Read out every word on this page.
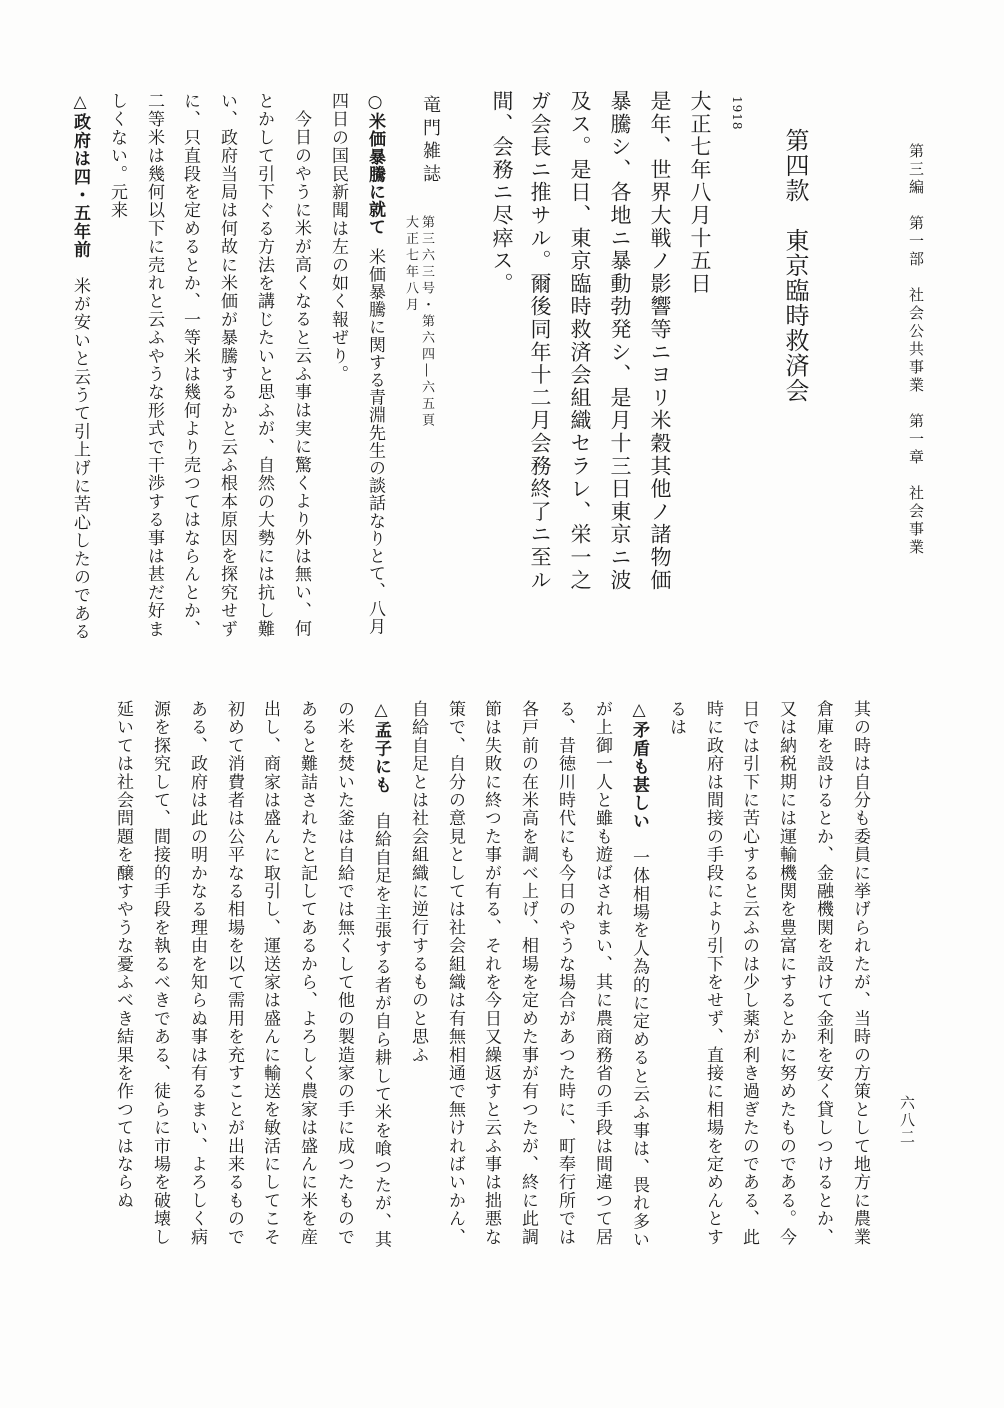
第三編　第一部　社会公共事業　第一章　社会事業
六八二
第四款　東京臨時救済会
1918
大正七年八月十五日

是年、世界大戦ノ影響等ニヨリ米穀其他ノ諸物価

暴騰シ、各地ニ暴動勃発シ、是月十三日東京ニ波

及ス。是日、東京臨時救済会組織セラレ、栄一之

ガ会長ニ推サル。爾後同年十二月会務終了ニ至ル

間、会務ニ尽瘁ス。

竜門雑誌
第三六三号・第六四―六五頁
大正七年八月

○米価暴騰に就て米価暴騰に関する青淵先生の談話なりとて、八月

四日の国民新聞は左の如く報ぜり。

今日のやうに米が高くなると云ふ事は実に驚くより外は無い、何

とかして引下ぐる方法を講じたいと思ふが、自然の大勢には抗し難

い、政府当局は何故に米価が暴騰するかと云ふ根本原因を探究せず

に、只直段を定めるとか、一等米は幾何より売つてはならんとか、

二等米は幾何以下に売れと云ふやうな形式で干渉する事は甚だ好ま

しくない。元来

△政府は四・五年前米が安いと云うて引上げに苦心したのである

其の時は自分も委員に挙げられたが、当時の方策として地方に農業

倉庫を設けるとか、金融機関を設けて金利を安く貸しつけるとか、

又は納税期には運輸機関を豊富にするとかに努めたものである。今

日では引下に苦心すると云ふのは少し薬が利き過ぎたのである、此

時に政府は間接の手段により引下をせず、直接に相場を定めんとす

るは

△矛盾も甚しい一体相場を人為的に定めると云ふ事は、畏れ多い

が上御一人と雖も遊ばされまい、其に農商務省の手段は間違つて居

る、昔徳川時代にも今日のやうな場合があつた時に、町奉行所では

各戸前の在米高を調べ上げ、相場を定めた事が有つたが、終に此調

節は失敗に終つた事が有る、それを今日又繰返すと云ふ事は拙悪な

策で、自分の意見としては社会組織は有無相通で無ければいかん、

自給自足とは社会組織に逆行するものと思ふ

△孟子にも自給自足を主張する者が自ら耕して米を喰つたが、其

の米を焚いた釜は自給では無くして他の製造家の手に成つたもので

あると難詰されたと記してあるから、よろしく農家は盛んに米を産

出し、商家は盛んに取引し、運送家は盛んに輸送を敏活にしてこそ

初めて消費者は公平なる相場を以て需用を充すことが出来るもので

ある、政府は此の明かなる理由を知らぬ事は有るまい、よろしく病

源を探究して、間接的手段を執るべきである、徒らに市場を破壊し

延いては社会問題を醸すやうな憂ふべき結果を作つてはならぬ
